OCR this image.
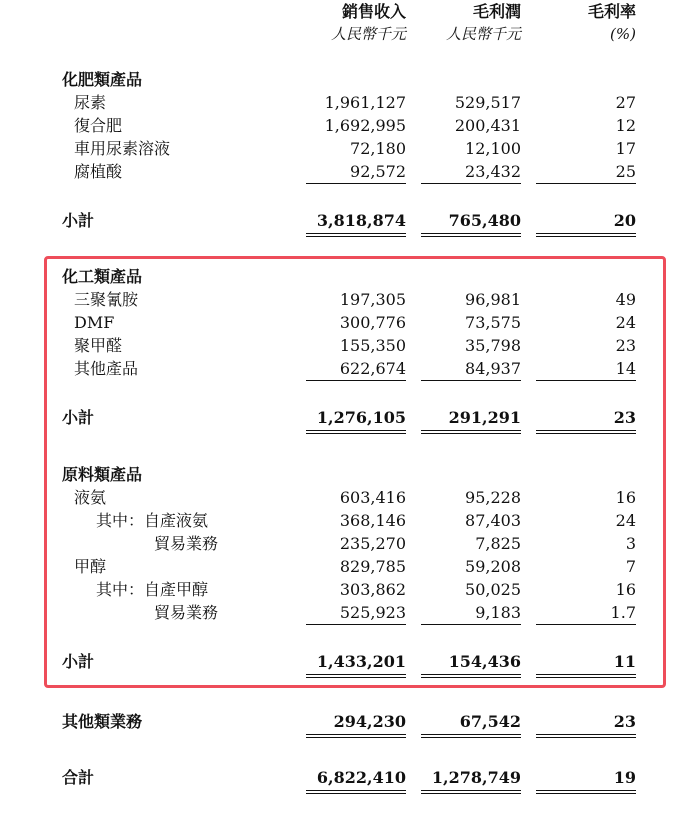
銷售收入	毛利潤	毛利率
人民幣千元	人民幣千元	(%)
化肥類產品
尿素	1,961,127	529,517	27
復合肥	1,692,995	200,431	12
車用尿素溶液	72,180	12,100	17
腐植酸	92,572	23,432	25
小計	3,818,874	765,480	20
化工類產品
三聚氰胺	197,305	96,981	49
DMF	300,776	73,575	24
聚甲醛	155,350	35,798	23
其他產品	622,674	84,937	14
小計	1,276,105	291,291	23
原料類產品
液氨	603,416	95,228	16
其中：自產液氨	368,146	87,403	24
貿易業務	235,270	7,825	3
甲醇	829,785	59,208	7
其中：自產甲醇	303,862	50,025	16
貿易業務	525,923	9,183	1.7
小計	1,433,201	154,436	11
其他類業務	294,230	67,542	23
合計	6,822,410 1,278,749	19
